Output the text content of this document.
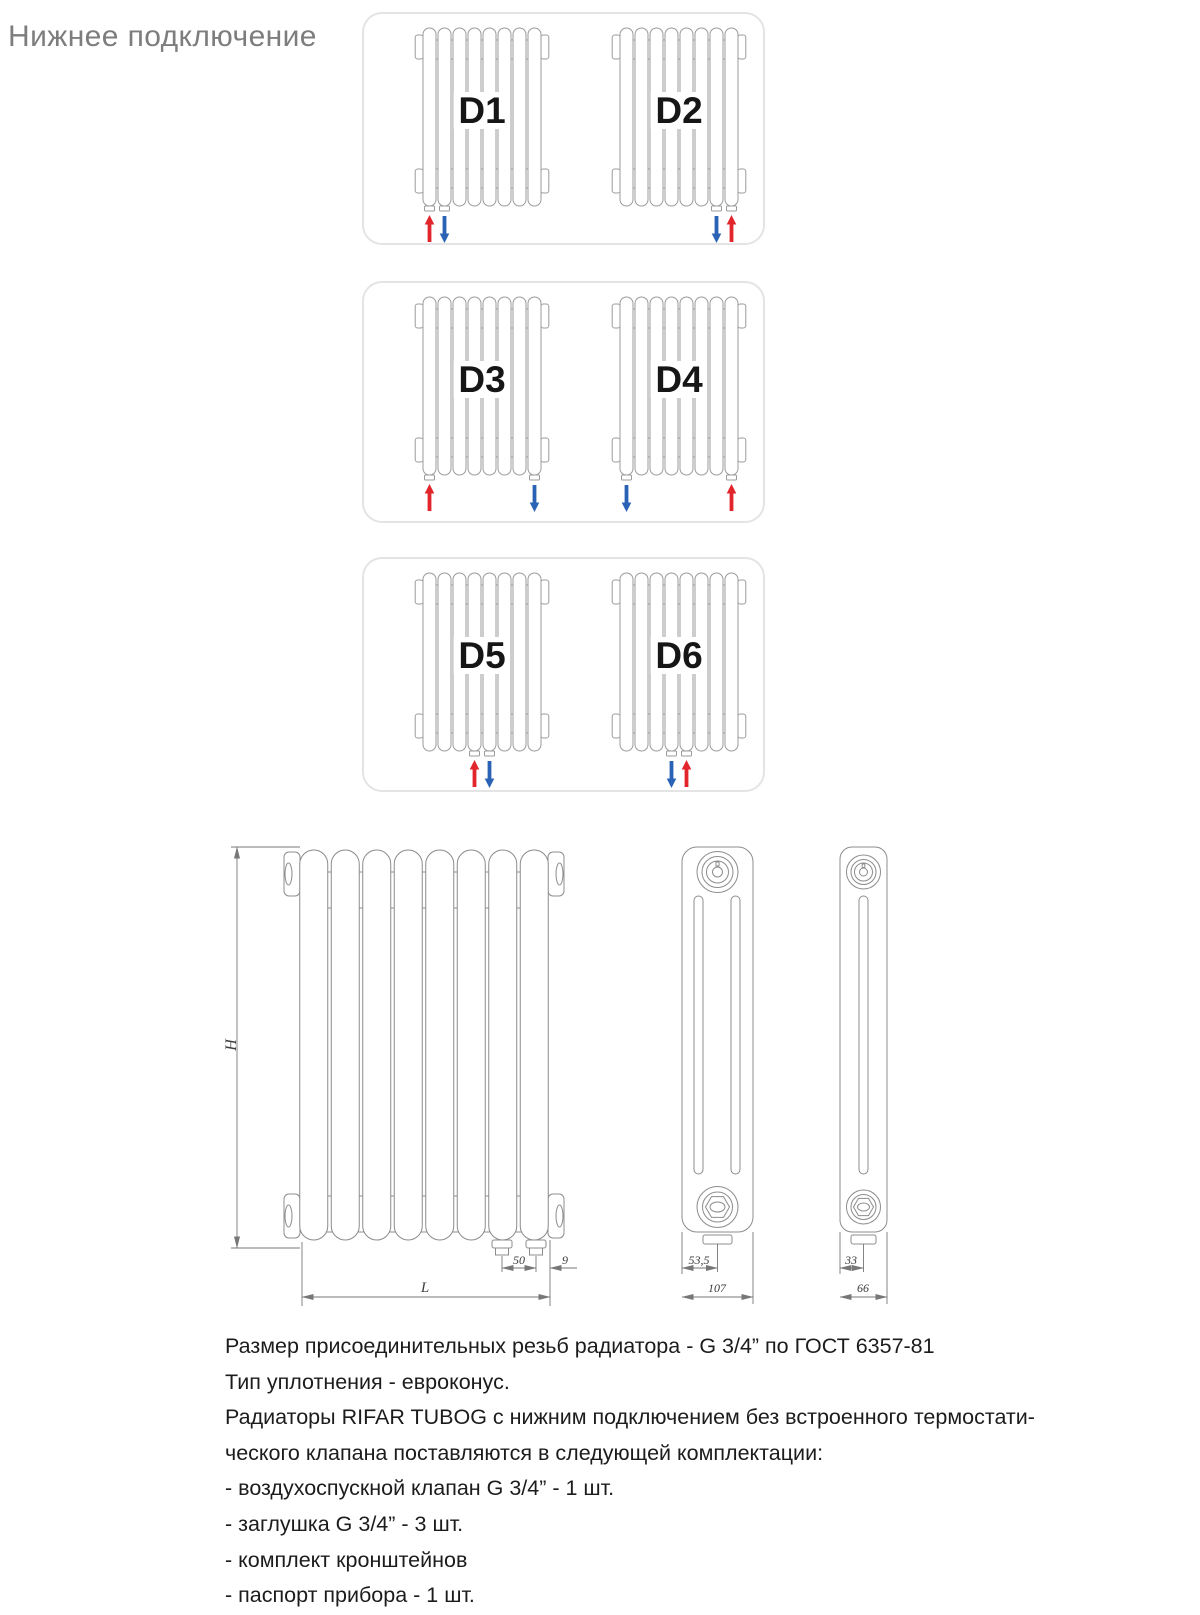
Нижнее подключение
D1	D2
D3	D4
D5	D6
H
L
50	9	53,5
107
33
66

Размер присоединительных резьб радиатора - G 3/4” по ГОСТ 6357-81

Тип уплотнения - евроконус.

Радиаторы RIFAR TUBOG с нижним подключением без встроенного термостати-

ческого клапана поставляются в следующей комплектации:

- воздухоспускной клапан G 3/4” - 1 шт.

- заглушка G 3/4” - 3 шт.

- комплект кронштейнов

- паспорт прибора - 1 шт.
